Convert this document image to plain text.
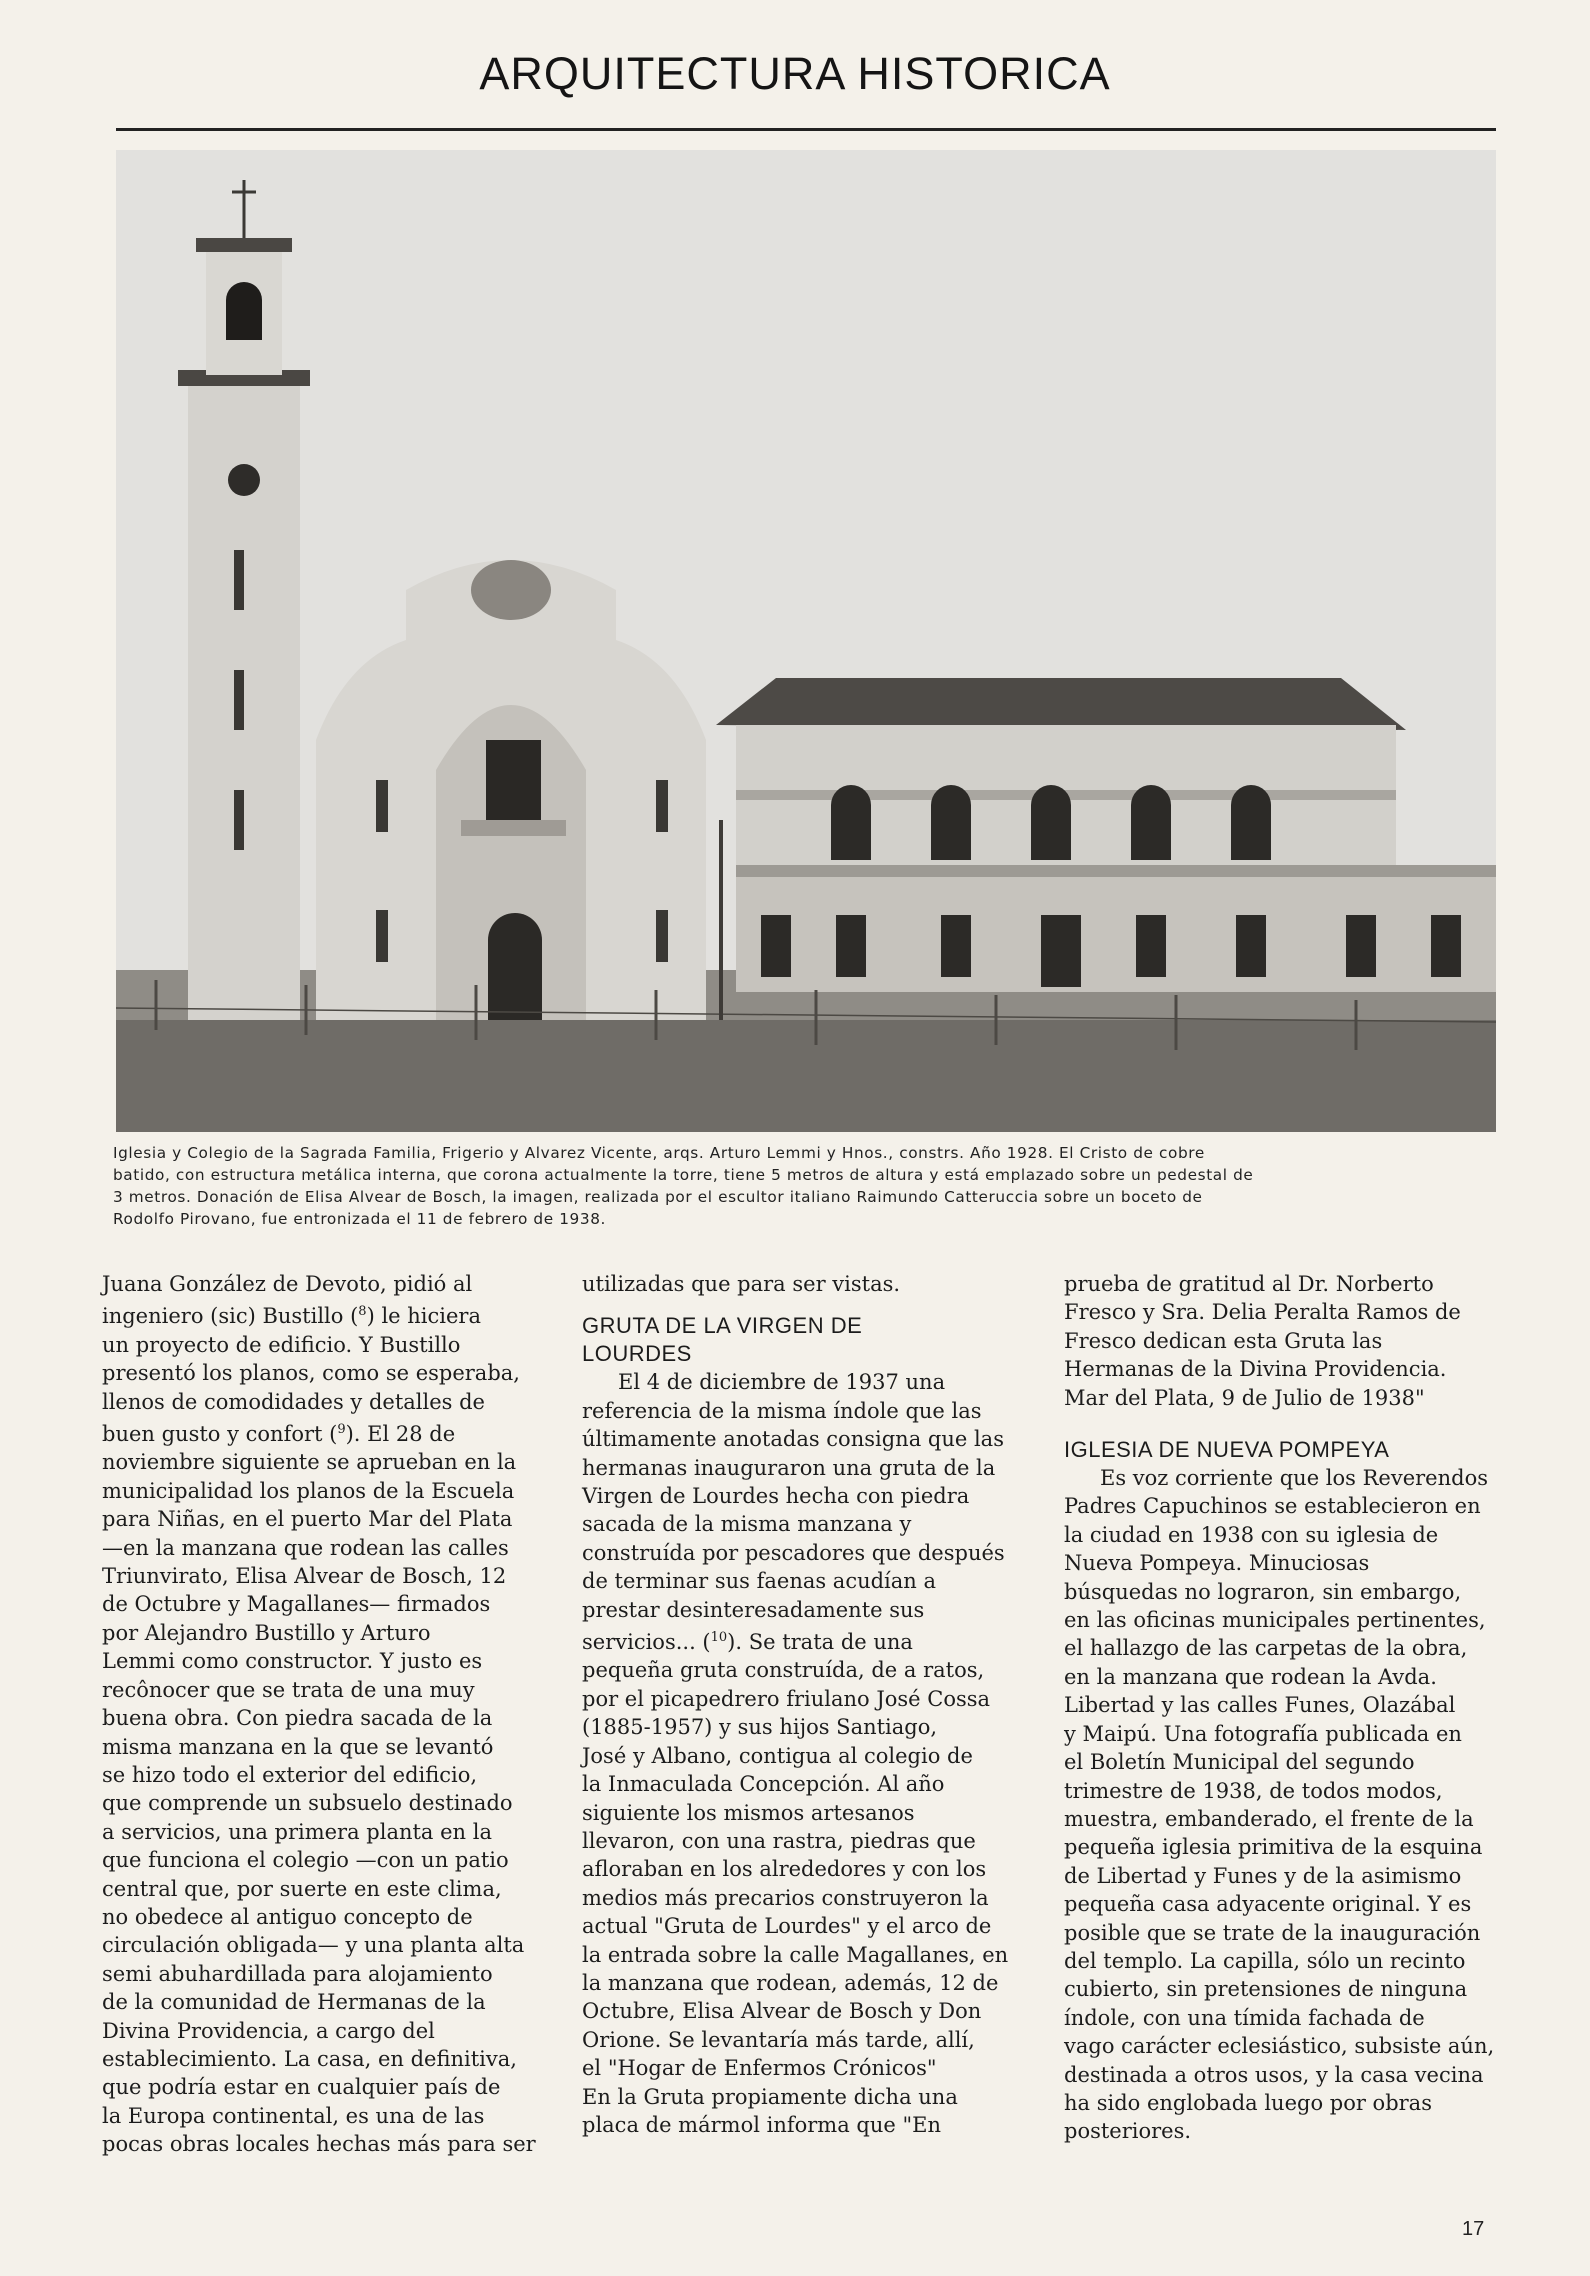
ARQUITECTURA HISTORICA
Iglesia y Colegio de la Sagrada Familia, Frigerio y Alvarez Vicente, arqs. Arturo Lemmi y Hnos., constrs. Año 1928. El Cristo de cobre
batido, con estructura metálica interna, que corona actualmente la torre, tiene 5 metros de altura y está emplazado sobre un pedestal de
3 metros. Donación de Elisa Alvear de Bosch, la imagen, realizada por el escultor italiano Raimundo Catteruccia sobre un boceto de
Rodolfo Pirovano, fue entronizada el 11 de febrero de 1938.
Juana González de Devoto, pidió al
ingeniero (sic) Bustillo ($^8$) le hiciera
un proyecto de edificio. Y Bustillo
presentó los planos, como se esperaba,
llenos de comodidades y detalles de
buen gusto y confort ($^9$). El 28 de
noviembre siguiente se aprueban en la
municipalidad los planos de la Escuela
para Niñas, en el puerto Mar del Plata
—en la manzana que rodean las calles
Triunvirato, Elisa Alvear de Bosch, 12
de Octubre y Magallanes— firmados
por Alejandro Bustillo y Arturo
Lemmi como constructor. Y justo es
recônocer que se trata de una muy
buena obra. Con piedra sacada de la
misma manzana en la que se levantó
se hizo todo el exterior del edificio,
que comprende un subsuelo destinado
a servicios, una primera planta en la
que funciona el colegio —con un patio
central que, por suerte en este clima,
no obedece al antiguo concepto de
circulación obligada— y una planta alta
semi abuhardillada para alojamiento
de la comunidad de Hermanas de la
Divina Providencia, a cargo del
establecimiento. La casa, en definitiva,
que podría estar en cualquier país de
la Europa continental, es una de las
pocas obras locales hechas más para ser
utilizadas que para ser vistas.
GRUTA DE LA VIRGEN DE
LOURDES
El 4 de diciembre de 1937 una
referencia de la misma índole que las
últimamente anotadas consigna que las
hermanas inauguraron una gruta de la
Virgen de Lourdes hecha con piedra
sacada de la misma manzana y
construída por pescadores que después
de terminar sus faenas acudían a
prestar desinteresadamente sus
servicios... ($^{10}$). Se trata de una
pequeña gruta construída, de a ratos,
por el picapedrero friulano José Cossa
(1885-1957) y sus hijos Santiago,
José y Albano, contigua al colegio de
la Inmaculada Concepción. Al año
siguiente los mismos artesanos
llevaron, con una rastra, piedras que
afloraban en los alrededores y con los
medios más precarios construyeron la
actual "Gruta de Lourdes" y el arco de
la entrada sobre la calle Magallanes, en
la manzana que rodean, además, 12 de
Octubre, Elisa Alvear de Bosch y Don
Orione. Se levantaría más tarde, allí,
el "Hogar de Enfermos Crónicos"
En la Gruta propiamente dicha una
placa de mármol informa que "En
prueba de gratitud al Dr. Norberto
Fresco y Sra. Delia Peralta Ramos de
Fresco dedican esta Gruta las
Hermanas de la Divina Providencia.
Mar del Plata, 9 de Julio de 1938"
IGLESIA DE NUEVA POMPEYA
Es voz corriente que los Reverendos
Padres Capuchinos se establecieron en
la ciudad en 1938 con su iglesia de
Nueva Pompeya. Minuciosas
búsquedas no lograron, sin embargo,
en las oficinas municipales pertinentes,
el hallazgo de las carpetas de la obra,
en la manzana que rodean la Avda.
Libertad y las calles Funes, Olazábal
y Maipú. Una fotografía publicada en
el Boletín Municipal del segundo
trimestre de 1938, de todos modos,
muestra, embanderado, el frente de la
pequeña iglesia primitiva de la esquina
de Libertad y Funes y de la asimismo
pequeña casa adyacente original. Y es
posible que se trate de la inauguración
del templo. La capilla, sólo un recinto
cubierto, sin pretensiones de ninguna
índole, con una tímida fachada de
vago carácter eclesiástico, subsiste aún,
destinada a otros usos, y la casa vecina
ha sido englobada luego por obras
posteriores.
17
